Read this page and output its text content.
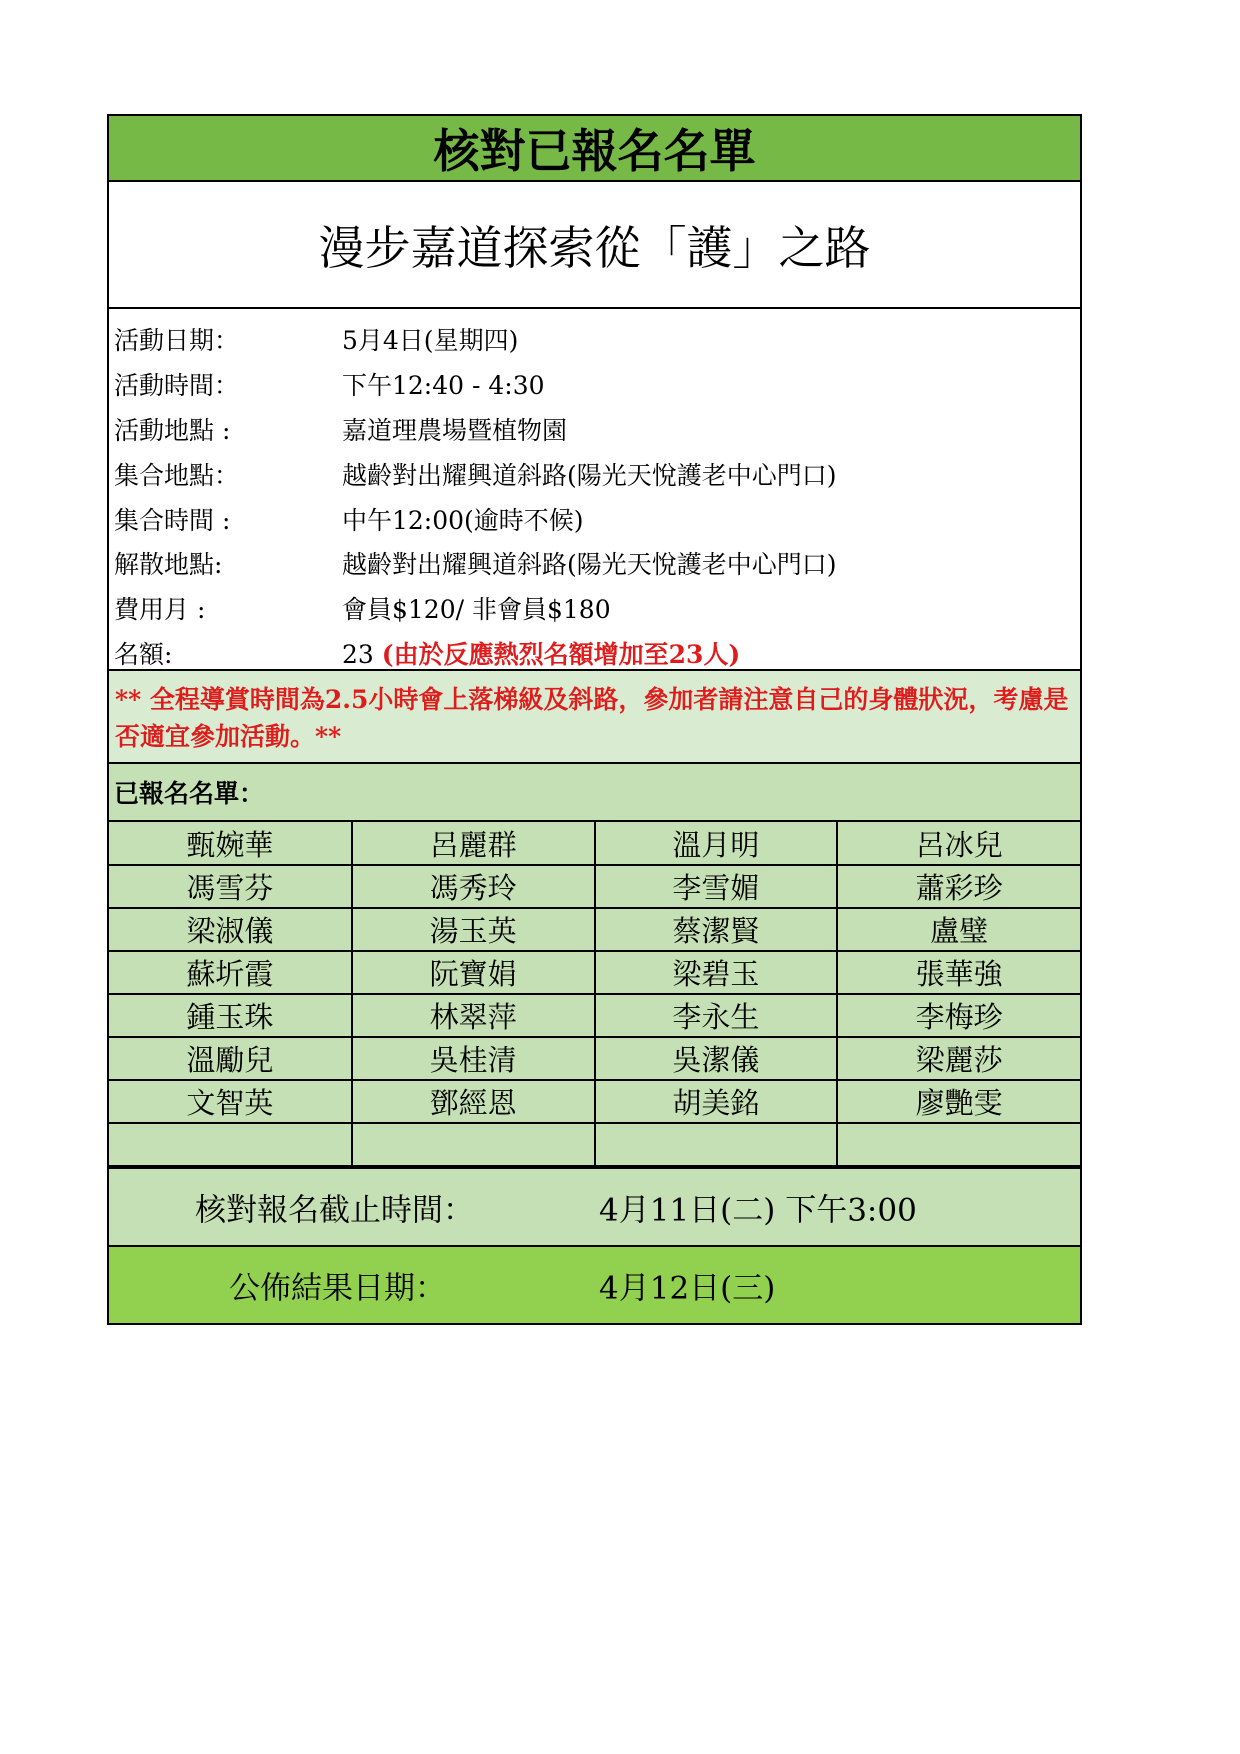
核對已報名名單
漫步嘉道探索從「護」之路
活動日期：	5月4日(星期四)
活動時間：	下午12:40 - 4:30
活動地點 :	嘉道理農場暨植物園
集合地點：	越齡對出耀興道斜路(陽光天悅護老中心門口)
集合時間 :	中午12:00(逾時不候)
解散地點:	越齡對出耀興道斜路(陽光天悅護老中心門口)
費用月 :	會員$120/ 非會員$180
名額:	23 (由於反應熱烈名額增加至23人)
** 全程導賞時間為2.5小時會上落梯級及斜路，參加者請注意自己的身體狀況，考慮是否適宜參加活動。**
已報名名單：
甄婉華	呂麗群	溫月明	呂冰兒
馮雪芬	馮秀玲	李雪媚	蕭彩珍
梁淑儀	湯玉英	蔡潔賢	盧璧
蘇圻霞	阮寶娟	梁碧玉	張華強
鍾玉珠	林翠萍	李永生	李梅珍
溫勵兒	吳桂清	吳潔儀	梁麗莎
文智英	鄧經恩	胡美銘	廖艷雯

核對報名截止時間：	4月11日(二) 下午3:00
公佈結果日期：	4月12日(三)
